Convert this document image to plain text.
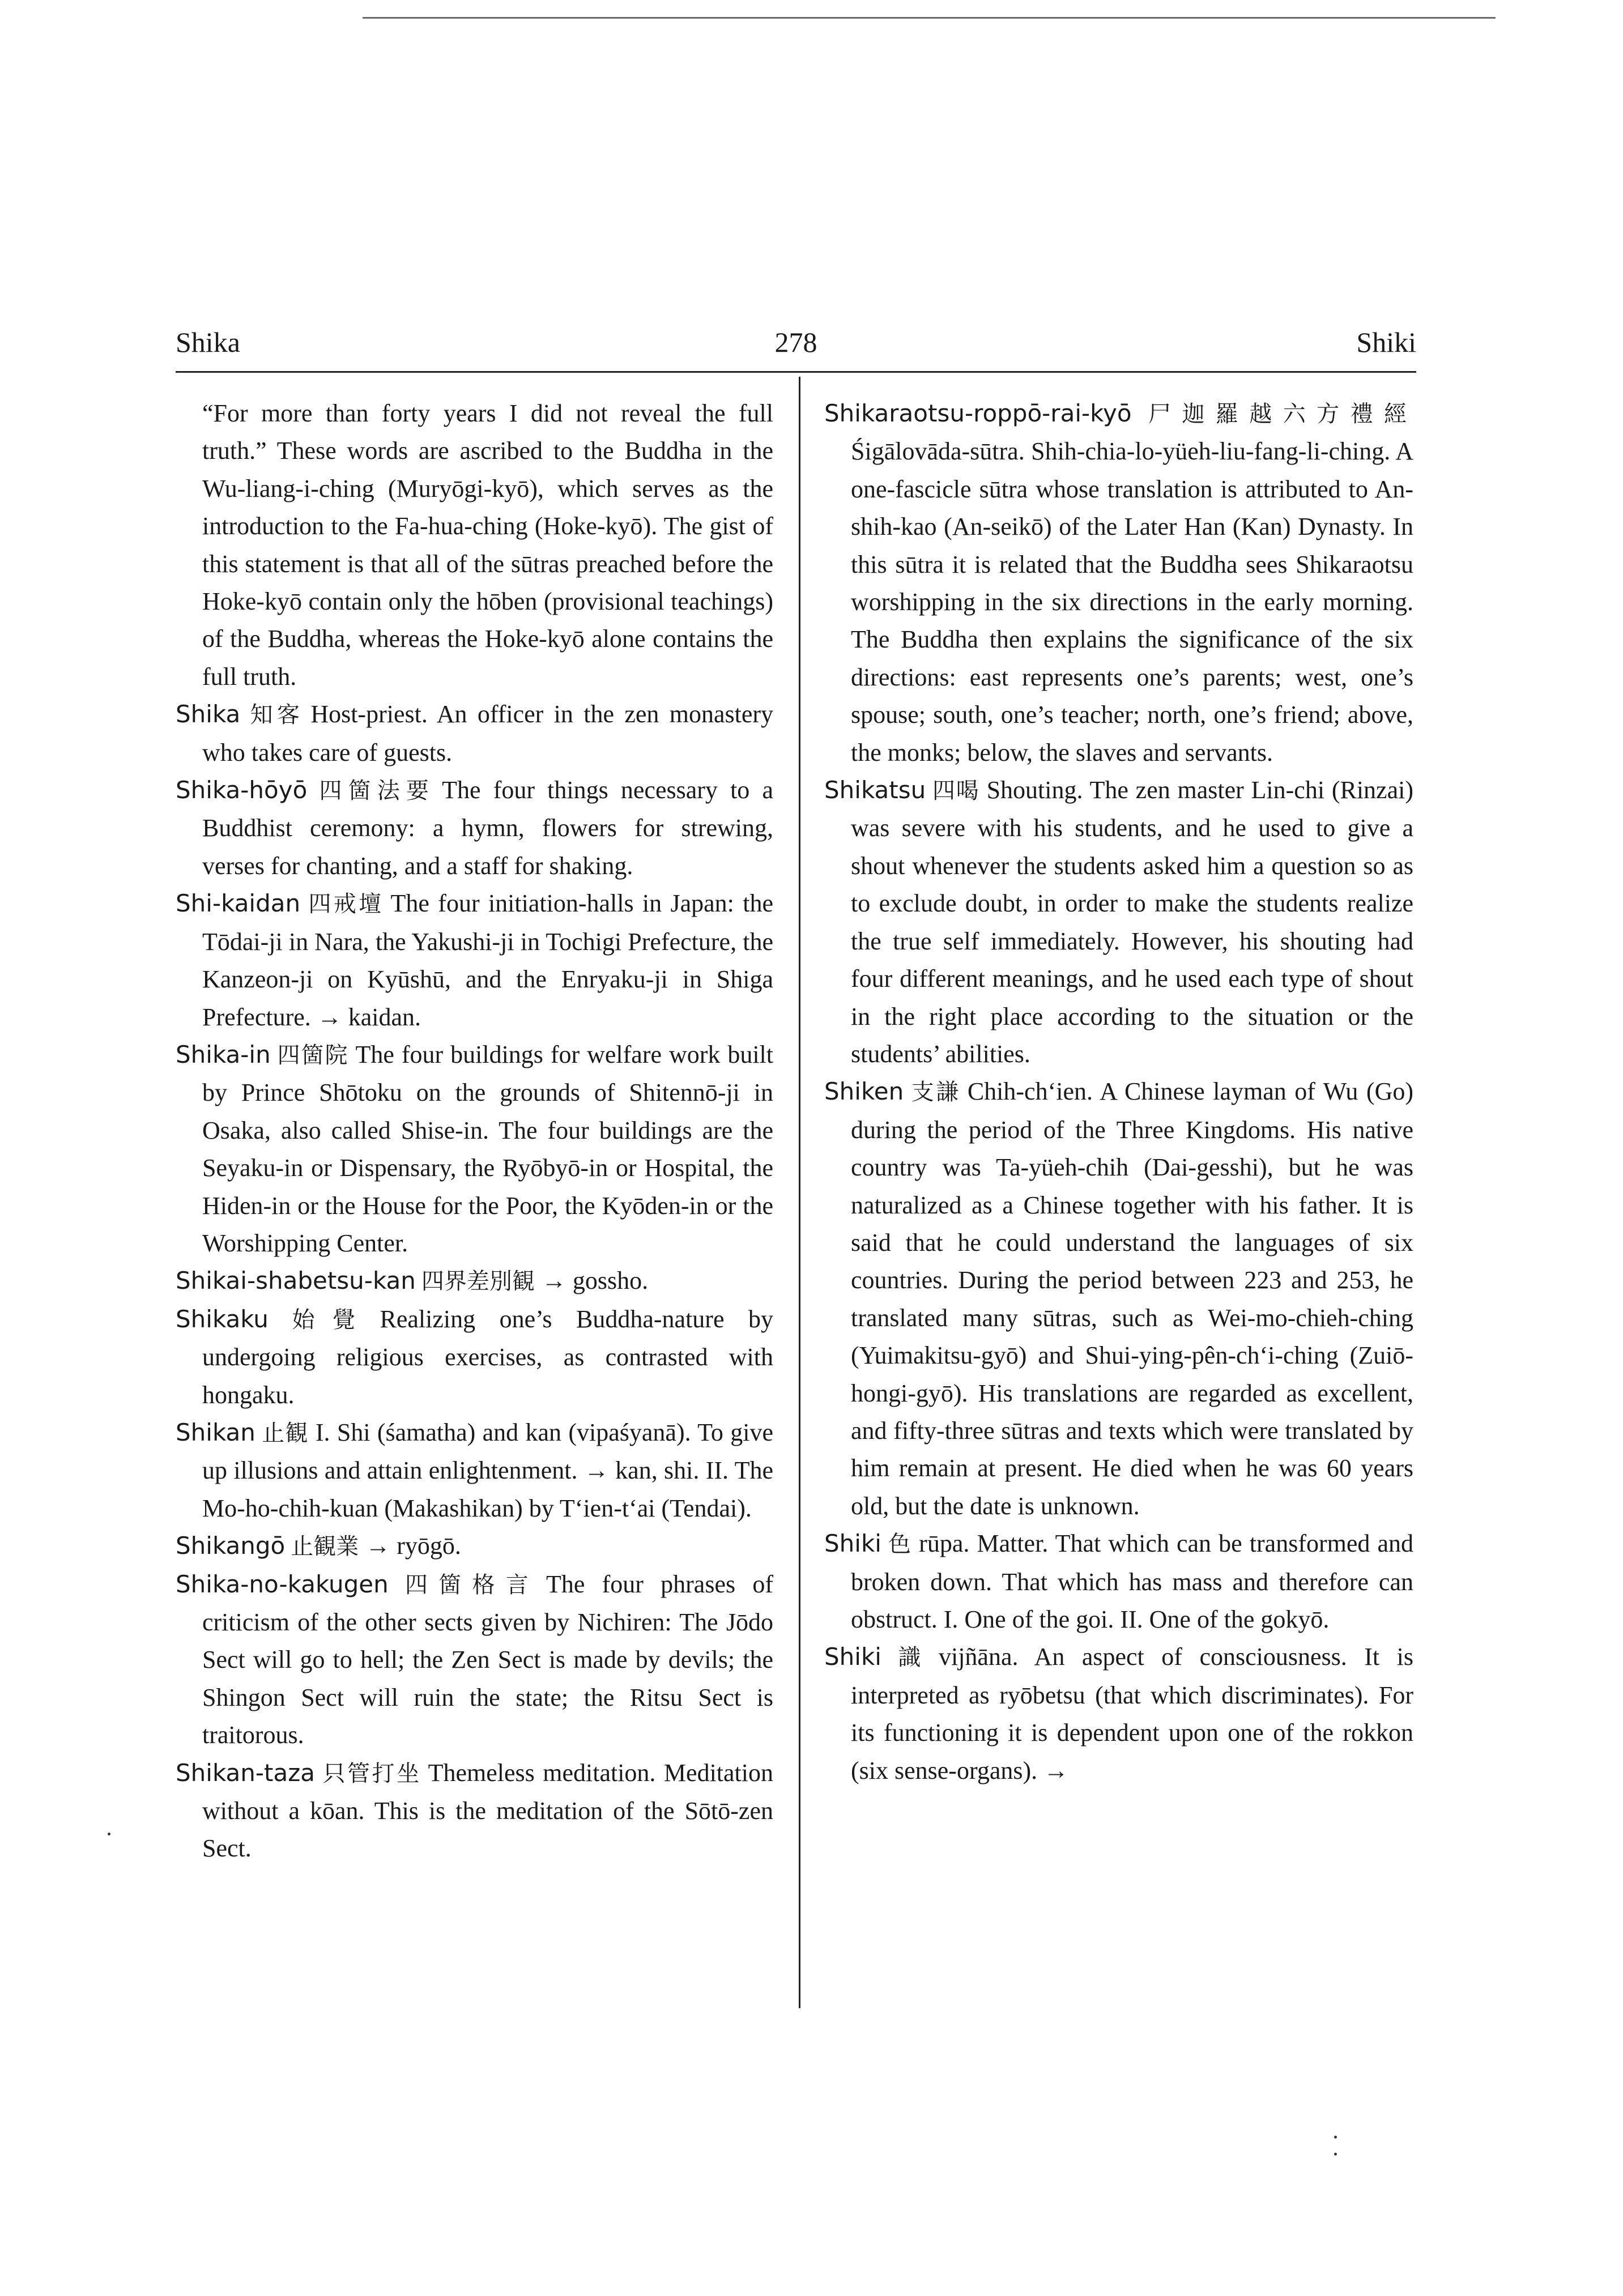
Shika	278	Shiki

“For more than forty years I did not reveal the full truth.” These words are ascribed to the Buddha in the Wu-liang-i-ching (Muryōgi-kyō), which serves as the introduction to the Fa-hua-ching (Hoke-kyō). The gist of this statement is that all of the sūtras preached before the Hoke-kyō contain only the hōben (provisional teachings) of the Buddha, whereas the Hoke-kyō alone contains the full truth.

Shika 知客 Host-priest. An officer in the zen monastery who takes care of guests.

Shika-hōyō 四箇法要 The four things necessary to a Buddhist ceremony: a hymn, flowers for strewing, verses for chanting, and a staff for shaking.

Shi-kaidan 四戒壇 The four initiation-halls in Japan: the Tōdai-ji in Nara, the Yakushi-ji in Tochigi Prefecture, the Kanzeon-ji on Kyūshū, and the Enryaku-ji in Shiga Prefecture. → kaidan.

Shika-in 四箇院 The four buildings for welfare work built by Prince Shōtoku on the grounds of Shitennō-ji in Osaka, also called Shise-in. The four buildings are the Seyaku-in or Dispensary, the Ryōbyō-in or Hospital, the Hiden-in or the House for the Poor, the Kyōden-in or the Worshipping Center.

Shikai-shabetsu-kan 四界差別観 → gossho.

Shikaku 始覺 Realizing one’s Buddha-nature by undergoing religious exercises, as contrasted with hongaku.

Shikan 止観 I. Shi (śamatha) and kan (vipaśyanā). To give up illusions and attain enlightenment. → kan, shi. II. The Mo-ho-chih-kuan (Makashikan) by T‘ien-t‘ai (Tendai).

Shikangō 止観業 → ryōgō.

Shika-no-kakugen 四箇格言 The four phrases of criticism of the other sects given by Nichiren: The Jōdo Sect will go to hell; the Zen Sect is made by devils; the Shingon Sect will ruin the state; the Ritsu Sect is traitorous.

Shikan-taza 只管打坐 Themeless meditation. Meditation without a kōan. This is the meditation of the Sōtō-zen Sect.

Shikaraotsu-roppō-rai-kyō 尸迦羅越六方禮經Śigālovāda-sūtra. Shih-chia-lo-yüeh-liu-fang-li-ching. A one-fascicle sūtra whose translation is attributed to An-shih-kao (An-seikō) of the Later Han (Kan) Dynasty. In this sūtra it is related that the Buddha sees Shikaraotsu worshipping in the six directions in the early morning. The Buddha then explains the significance of the six directions: east represents one’s parents; west, one’s spouse; south, one’s teacher; north, one’s friend; above, the monks; below, the slaves and servants.

Shikatsu 四喝 Shouting. The zen master Lin-chi (Rinzai) was severe with his students, and he used to give a shout whenever the students asked him a question so as to exclude doubt, in order to make the students realize the true self immediately. However, his shouting had four different meanings, and he used each type of shout in the right place according to the situation or the students’ abilities.

Shiken 支謙 Chih-ch‘ien. A Chinese layman of Wu (Go) during the period of the Three Kingdoms. His native country was Ta-yüeh-chih (Dai-gesshi), but he was naturalized as a Chinese together with his father. It is said that he could understand the languages of six countries. During the period between 223 and 253, he translated many sūtras, such as Wei-mo-chieh-ching (Yuimakitsu-gyō) and Shui-ying-pên-ch‘i-ching (Zuiō-hongi-gyō). His translations are regarded as excellent, and fifty-three sūtras and texts which were translated by him remain at present. He died when he was 60 years old, but the date is unknown.

Shiki 色 rūpa. Matter. That which can be transformed and broken down. That which has mass and therefore can obstruct. I. One of the goi. II. One of the gokyō.

Shiki 識 vijñāna. An aspect of consciousness. It is interpreted as ryōbetsu (that which discriminates). For its functioning it is dependent upon one of the rokkon (six sense-organs). →
